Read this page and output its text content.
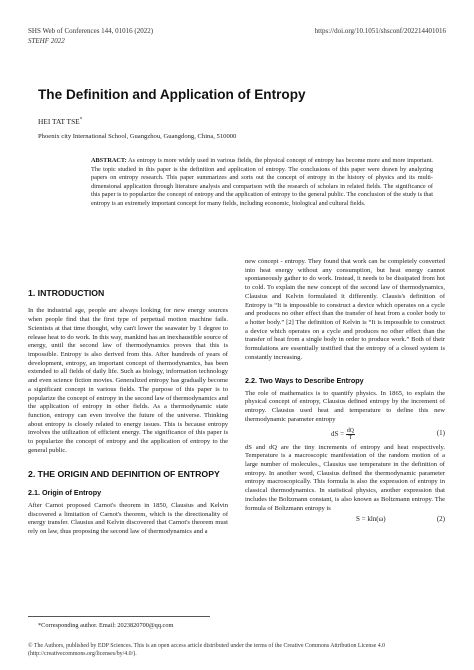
SHS Web of Conferences 144, 01016 (2022)	https://doi.org/10.1051/shsconf/202214401016
STEHF 2022
The Definition and Application of Entropy
HEI TAT TSE*
Phoenix city International School, Guangzhou, Guangdong, China, 510000
ABSTRACT: As entropy is more widely used in various fields, the physical concept of entropy has become more and more important. The topic studied in this paper is the definition and application of entropy. The conclusions of this paper were drawn by analyzing papers on entropy research. This paper summarizes and sorts out the concept of entropy in the history of physics and its multi-dimensional application through literature analysis and comparison with the research of scholars in related fields. The significance of this paper is to popularize the concept of entropy and the application of entropy to the general public. The conclusion of the study is that entropy is an extremely important concept for many fields, including economic, biological and cultural fields.
1. INTRODUCTION

In the industrial age, people are always looking for new energy sources when people find that the first type of perpetual motion machine fails. Scientists at that time thought, why can't lower the seawater by 1 degree to release heat to do work. In this way, mankind has an inexhaustible source of energy, until the second law of thermodynamics proves that this is impossible. Entropy is also derived from this. After hundreds of years of development, entropy, an important concept of thermodynamics, has been extended to all fields of daily life. Such as biology, information technology and even science fiction movies. Generalized entropy has gradually become a significant concept in various fields. The purpose of this paper is to popularize the concept of entropy in the second law of thermodynamics and the application of entropy in other fields. As a thermodynamic state function, entropy can even involve the future of the universe. Thinking about entropy is closely related to energy issues. This is because entropy involves the utilization of efficient energy. The significance of this paper is to popularize the concept of entropy and the application of entropy to the general public.

2. THE ORIGIN AND DEFINITION OF ENTROPY
2.1. Origin of Entropy

After Carnot proposed Carnot's theorem in 1850, Clausius and Kelvin discovered a limitation of Carnot's theorem, which is the directionality of energy transfer. Clausius and Kelvin discovered that Carnot's theorem must rely on law, thus proposing the second law of thermodynamics and a

new concept - entropy. They found that work can be completely converted into heat energy without any consumption, but heat energy cannot spontaneously gather to do work. Instead, it needs to be dissipated from hot to cold. To explain the new concept of the second law of thermodynamics, Clausius and Kelvin formulated it differently. Clausis's definition of Entropy is “It is impossible to construct a device which operates on a cycle and produces no other effect than the transfer of heat from a cooler body to a hotter body.” [2] The definition of Kelvin is “It is impossible to construct a device which operates on a cycle and produces no other effect than the transfer of heat from a single body in order to produce work.” Both of their formulations are essentially testified that the entropy of a closed system is constantly increasing.

2.2. Two Ways to Describe Entropy

The role of mathematics is to quantify physics. In 1865, to explain the physical concept of entropy, Clausius defined entropy by the increment of entropy. Clausius used heat and temperature to define this new thermodynamic parameter entropy

dS = $\frac{dQ}{T}$	(1)

dS and dQ are the tiny increments of entropy and heat respectively. Temperature is a macroscopic manifestation of the random motion of a large number of molecules., Clausius use temperature in the definition of entropy. In another word, Clausius defined the thermodynamic parameter entropy macroscopically. This formula is also the expression of entropy in classical thermodynamics. In statistical physics, another expression that includes the Boltzmann constant, is also known as Boltzmann entropy. The formula of Boltzmann entropy is

S = kln(ω)	(2)
*Corresponding author. Email: 2023820700@qq.com
© The Authors, published by EDP Sciences. This is an open access article distributed under the terms of the Creative Commons Attribution License 4.0 (http://creativecommons.org/licenses/by/4.0/).
